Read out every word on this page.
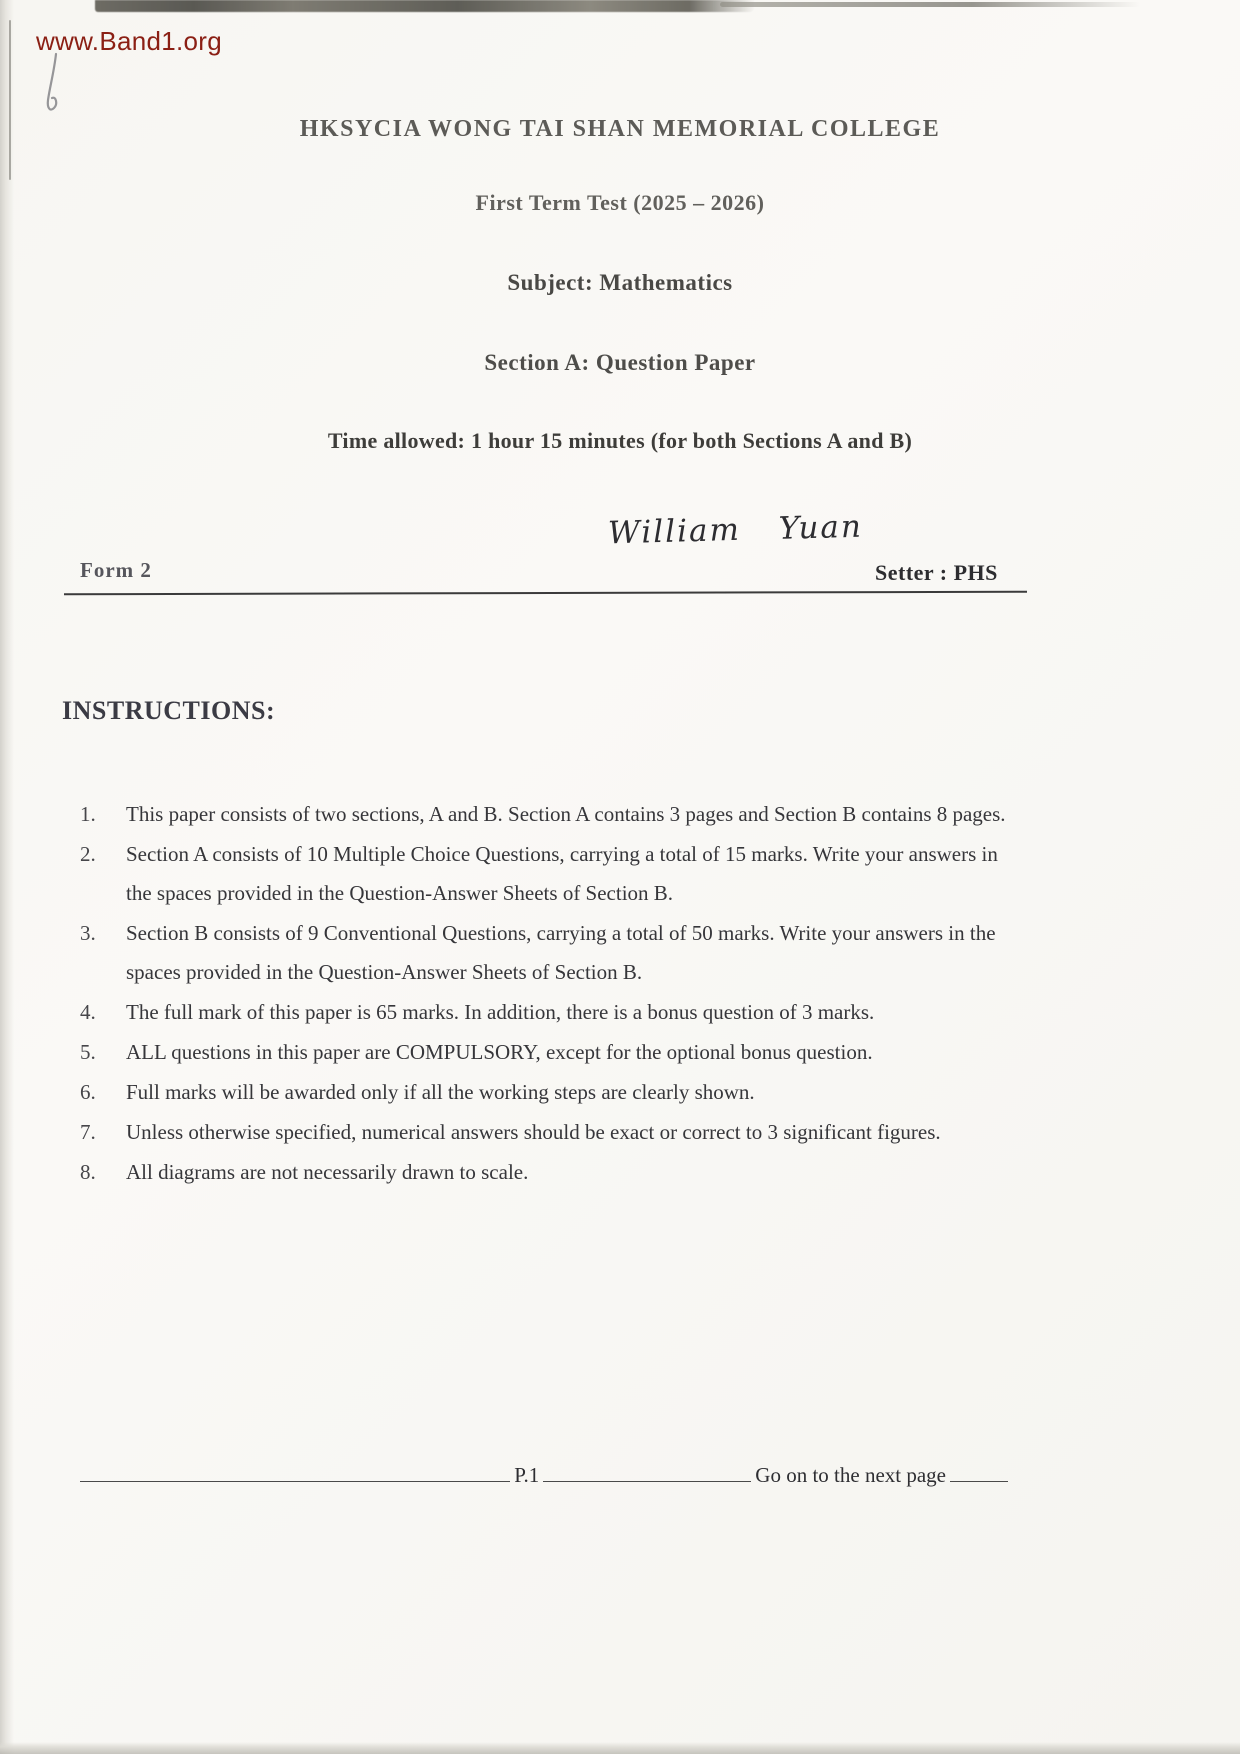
www.Band1.org
HKSYCIA WONG TAI SHAN MEMORIAL COLLEGE
First Term Test (2025 – 2026)
Subject: Mathematics
Section A: Question Paper
Time allowed: 1 hour 15 minutes (for both Sections A and B)
William Yuan
Form 2	Setter : PHS
INSTRUCTIONS:
1.	This paper consists of two sections, A and B. Section A contains 3 pages and Section B contains 8 pages.
2.	Section A consists of 10 Multiple Choice Questions, carrying a total of 15 marks. Write your answers in the spaces provided in the Question-Answer Sheets of Section B.
3.	Section B consists of 9 Conventional Questions, carrying a total of 50 marks. Write your answers in the spaces provided in the Question-Answer Sheets of Section B.
4.	The full mark of this paper is 65 marks. In addition, there is a bonus question of 3 marks.
5.	ALL questions in this paper are COMPULSORY, except for the optional bonus question.
6.	Full marks will be awarded only if all the working steps are clearly shown.
7.	Unless otherwise specified, numerical answers should be exact or correct to 3 significant figures.
8.	All diagrams are not necessarily drawn to scale.
P.1	Go on to the next page
